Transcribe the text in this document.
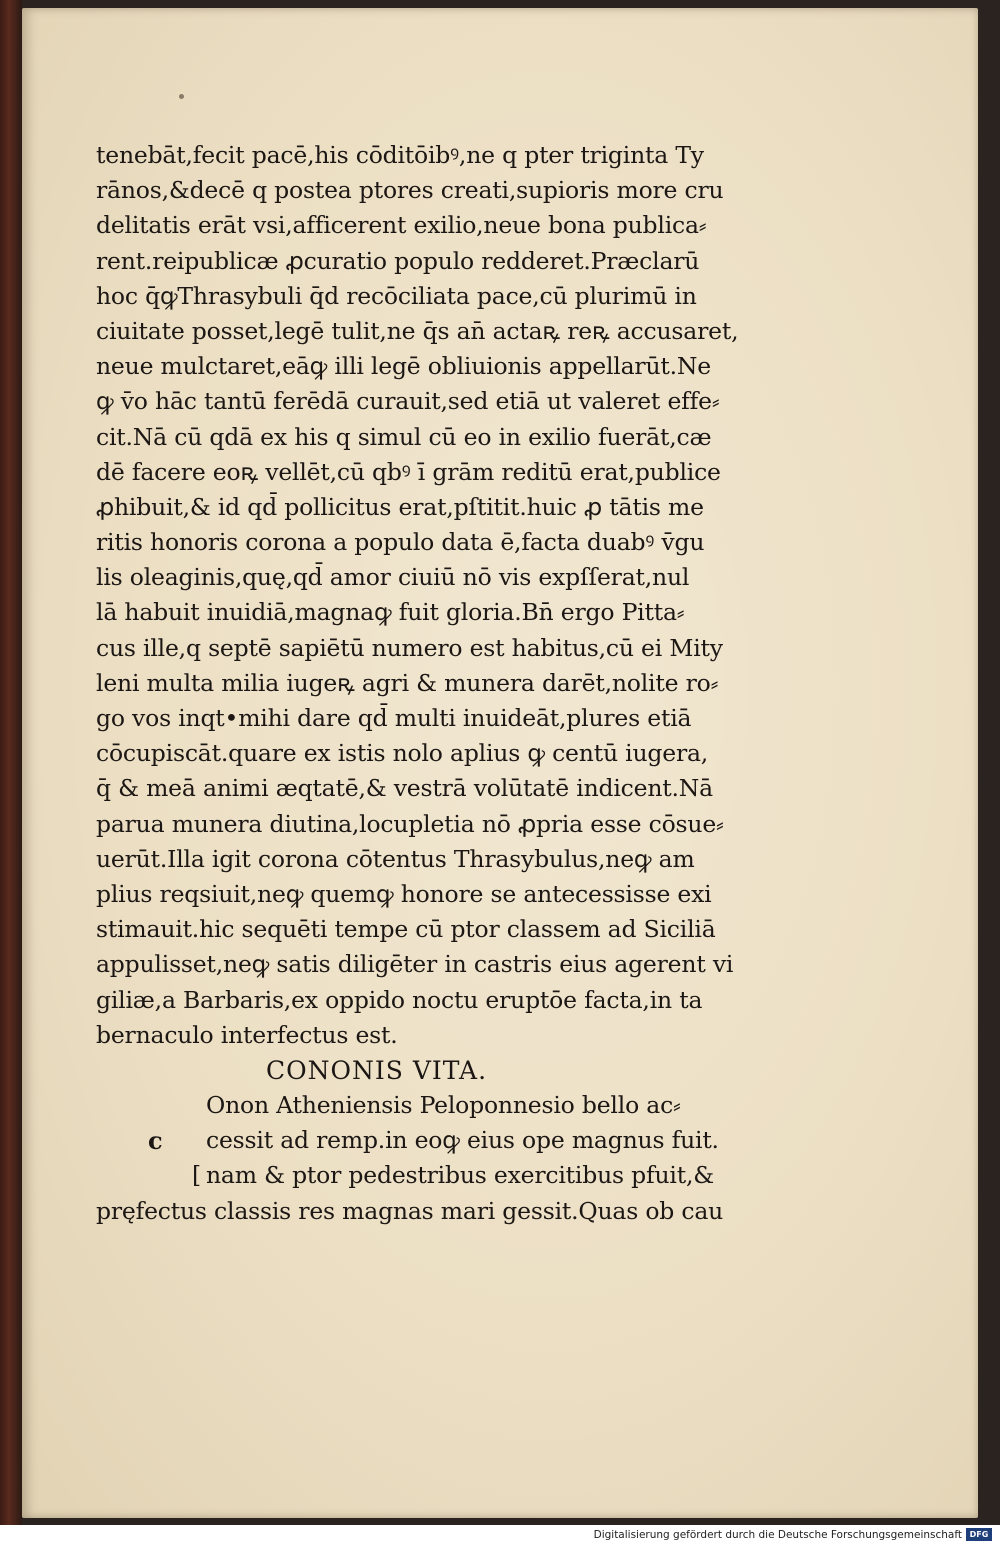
tenebāt,fecit pacē,his cōditōibꝰ,ne q pter triginta Ty
rānos,&decē q postea ptores creati,supioris more cru
delitatis erāt vsi,afficerent exilio,neue bona publica⸗
rent.reipublicæ ꝓcuratio populo redderet.Præclarū
hoc q̄ꝙThrasybuli q̄d recōciliata pace,cū plurimū in
ciuitate posset,legē tulit,ne q̄s an̄ actaꝶ reꝶ accusaret,
neue mulctaret,eāꝙ illi legē obliuionis appellarūt.Ne
ꝙ v̄o hāc tantū ferēdā curauit,sed etiā ut valeret effe⸗
cit.Nā cū qdā ex his q simul cū eo in exilio fuerāt,cæ
dē facere eoꝶ vellēt,cū qbꝰ ī grām reditū erat,publice
ꝓhibuit,& id qd̄ pollicitus erat,pſtitit.huic ꝓ tātis me
ritis honoris corona a populo data ē,facta duabꝰ v̄gu
lis oleaginis,quę,qd̄ amor ciuiū nō vis expſſerat,nul
lā habuit inuidiā,magnaꝙ fuit gloria.Bn̄ ergo Pitta⸗
cus ille,q septē sapiētū numero est habitus,cū ei Mity
leni multa milia iugeꝶ agri & munera darēt,nolite ro⸗
go vos inqt•mihi dare qd̄ multi inuideāt,plures etiā
cōcupiscāt.quare ex istis nolo aplius ꝙ centū iugera,
q̄ & meā animi æqtatē,& vestrā volūtatē indicent.Nā
parua munera diutina,locupletia nō ꝓpria esse cōsue⸗
uerūt.Illa igit corona cōtentus Thrasybulus,neꝙ am
plius reqsiuit,neꝙ quemꝙ honore se antecessisse exi
stimauit.hic sequēti tempe cū ptor classem ad Siciliā
appulisset,neꝙ satis diligēter in castris eius agerent vi
giliæ,a Barbaris,ex oppido noctu eruptōe facta,in ta
bernaculo interfectus est.
CONONIS VITA.
Onon Atheniensis Peloponnesio bello ac⸗
c cessit ad remp.in eoꝙ eius ope magnus fuit.
[ nam & ptor pedestribus exercitibus pfuit,&
pręfectus classis res magnas mari gessit.Quas ob cau
Digitalisierung gefördert durch die Deutsche Forschungsgemeinschaft DFG
